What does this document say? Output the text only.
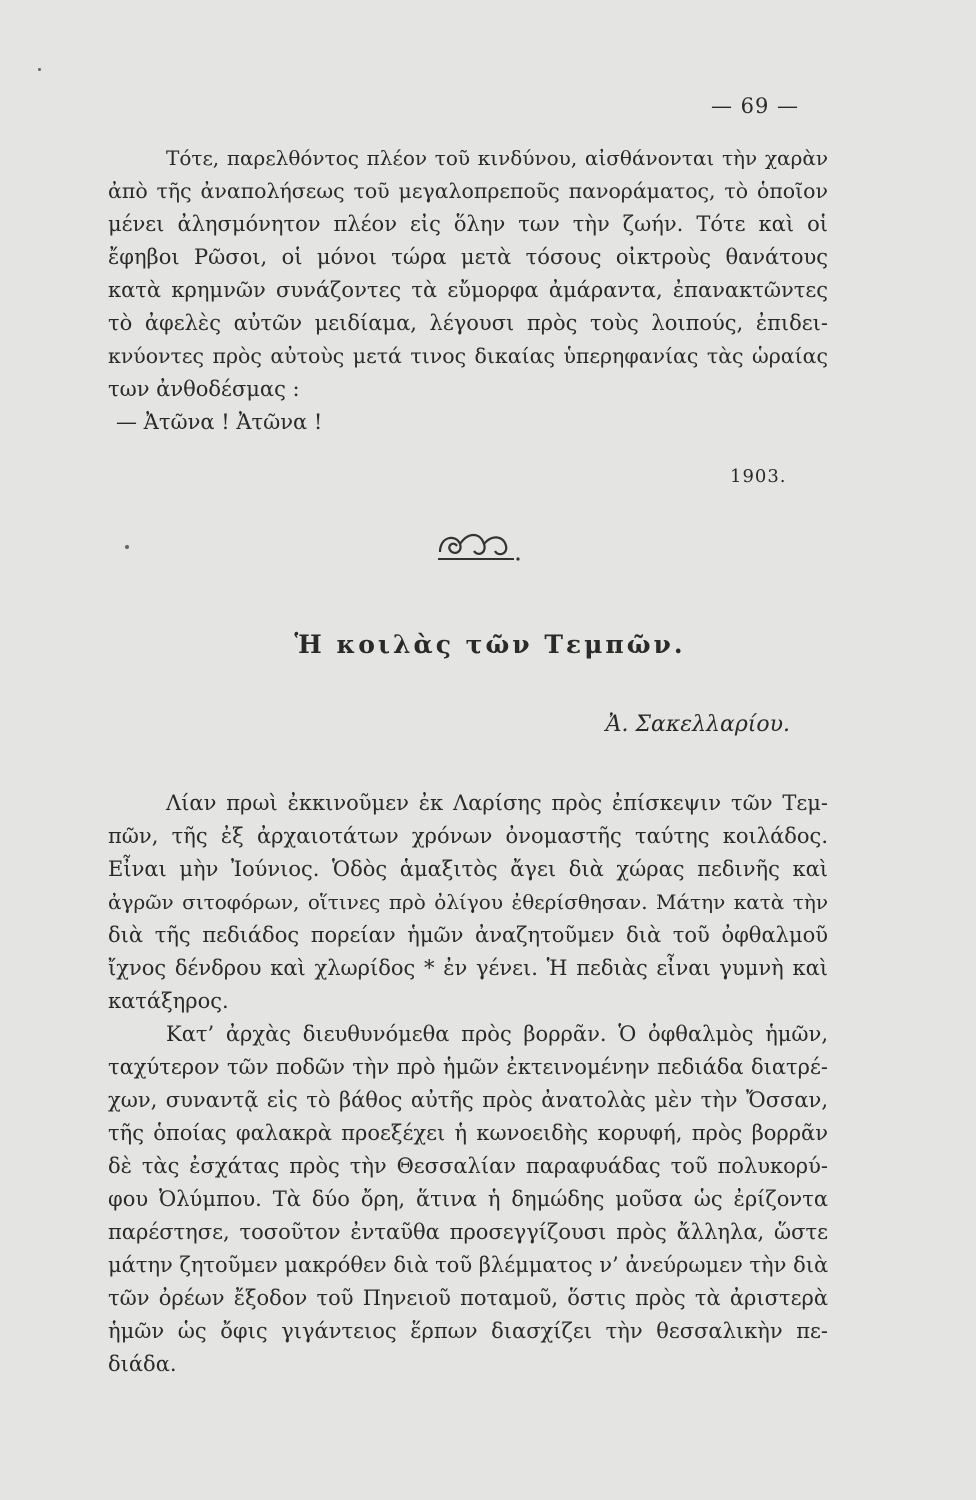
— 69 —
Τότε, παρελθόντος πλέον τοῦ κινδύνου, αἰσθάνονται τὴν χαρὰν
ἀπὸ τῆς ἀναπολήσεως τοῦ μεγαλοπρεποῦς πανοράματος, τὸ ὁποῖον
μένει ἀλησμόνητον πλέον εἰς ὅλην των τὴν ζωήν. Τότε καὶ οἱ
ἔφηβοι Ρῶσοι, οἱ μόνοι τώρα μετὰ τόσους οἰκτροὺς θανάτους
κατὰ κρημνῶν συνάζοντες τὰ εὔμορφα ἀμάραντα, ἐπανακτῶντες
τὸ ἀφελὲς αὐτῶν μειδίαμα, λέγουσι πρὸς τοὺς λοιπούς, ἐπιδει-
κνύοντες πρὸς αὐτοὺς μετά τινος δικαίας ὑπερηφανίας τὰς ὡραίας
των ἀνθοδέσμας :
— Ἀτῶνα ! Ἀτῶνα !
1903.
Ἡ κοιλὰς τῶν Τεμπῶν.
Ἀ. Σακελλαρίου.
Λίαν πρωὶ ἐκκινοῦμεν ἐκ Λαρίσης πρὸς ἐπίσκεψιν τῶν Τεμ-
πῶν, τῆς ἐξ ἀρχαιοτάτων χρόνων ὀνομαστῆς ταύτης κοιλάδος.
Εἶναι μὴν Ἰούνιος. Ὁδὸς ἁμαξιτὸς ἄγει διὰ χώρας πεδινῆς καὶ
ἀγρῶν σιτοφόρων, οἵτινες πρὸ ὀλίγου ἐθερίσθησαν. Μάτην κατὰ τὴν
διὰ τῆς πεδιάδος πορείαν ἡμῶν ἀναζητοῦμεν διὰ τοῦ ὀφθαλμοῦ
ἴχνος δένδρου καὶ χλωρίδος * ἐν γένει. Ἡ πεδιὰς εἶναι γυμνὴ καὶ
κατάξηρος.
Κατ’ ἀρχὰς διευθυνόμεθα πρὸς βορρᾶν. Ὁ ὀφθαλμὸς ἡμῶν,
ταχύτερον τῶν ποδῶν τὴν πρὸ ἡμῶν ἐκτεινομένην πεδιάδα διατρέ-
χων, συναντᾷ εἰς τὸ βάθος αὐτῆς πρὸς ἀνατολὰς μὲν τὴν Ὄσσαν,
τῆς ὁποίας φαλακρὰ προεξέχει ἡ κωνοειδὴς κορυφή, πρὸς βορρᾶν
δὲ τὰς ἐσχάτας πρὸς τὴν Θεσσαλίαν παραφυάδας τοῦ πολυκορύ-
φου Ὀλύμπου. Τὰ δύο ὄρη, ἅτινα ἡ δημώδης μοῦσα ὡς ἐρίζοντα
παρέστησε, τοσοῦτον ἐνταῦθα προσεγγίζουσι πρὸς ἄλληλα, ὥστε
μάτην ζητοῦμεν μακρόθεν διὰ τοῦ βλέμματος ν’ ἀνεύρωμεν τὴν διὰ
τῶν ὀρέων ἔξοδον τοῦ Πηνειοῦ ποταμοῦ, ὅστις πρὸς τὰ ἀριστερὰ
ἡμῶν ὡς ὄφις γιγάντειος ἕρπων διασχίζει τὴν θεσσαλικὴν πε-
διάδα.
